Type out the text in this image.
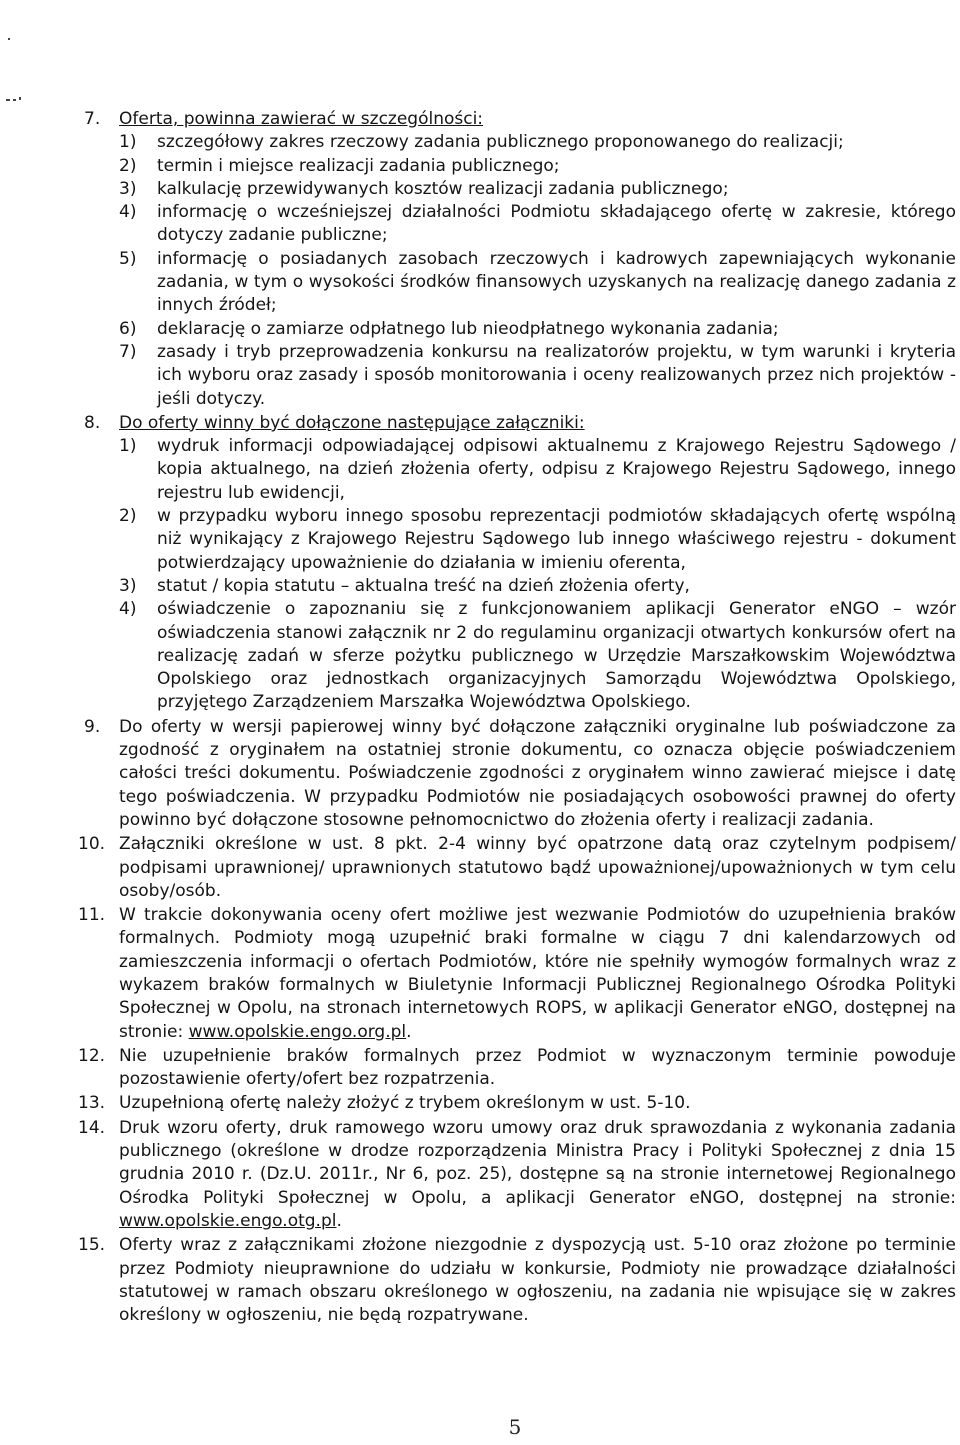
7. Oferta, powinna zawierać w szczególności:
1) szczegółowy zakres rzeczowy zadania publicznego proponowanego do realizacji;
2) termin i miejsce realizacji zadania publicznego;
3) kalkulację przewidywanych kosztów realizacji zadania publicznego;
4) informację o wcześniejszej działalności Podmiotu składającego ofertę w zakresie, którego dotyczy zadanie publiczne;
5) informację o posiadanych zasobach rzeczowych i kadrowych zapewniających wykonanie zadania, w tym o wysokości środków finansowych uzyskanych na realizację danego zadania z innych źródeł;
6) deklarację o zamiarze odpłatnego lub nieodpłatnego wykonania zadania;
7) zasady i tryb przeprowadzenia konkursu na realizatorów projektu, w tym warunki i kryteria ich wyboru oraz zasady i sposób monitorowania i oceny realizowanych przez nich projektów - jeśli dotyczy.
8. Do oferty winny być dołączone następujące załączniki:
1) wydruk informacji odpowiadającej odpisowi aktualnemu z Krajowego Rejestru Sądowego / kopia aktualnego, na dzień złożenia oferty, odpisu z Krajowego Rejestru Sądowego, innego rejestru lub ewidencji,
2) w przypadku wyboru innego sposobu reprezentacji podmiotów składających ofertę wspólną niż wynikający z Krajowego Rejestru Sądowego lub innego właściwego rejestru - dokument potwierdzający upoważnienie do działania w imieniu oferenta,
3) statut / kopia statutu – aktualna treść na dzień złożenia oferty,
4) oświadczenie o zapoznaniu się z funkcjonowaniem aplikacji Generator eNGO – wzór oświadczenia stanowi załącznik nr 2 do regulaminu organizacji otwartych konkursów ofert na realizację zadań w sferze pożytku publicznego w Urzędzie Marszałkowskim Województwa Opolskiego oraz jednostkach organizacyjnych Samorządu Województwa Opolskiego, przyjętego Zarządzeniem Marszałka Województwa Opolskiego.
9. Do oferty w wersji papierowej winny być dołączone załączniki oryginalne lub poświadczone za zgodność z oryginałem na ostatniej stronie dokumentu, co oznacza objęcie poświadczeniem całości treści dokumentu. Poświadczenie zgodności z oryginałem winno zawierać miejsce i datę tego poświadczenia. W przypadku Podmiotów nie posiadających osobowości prawnej do oferty powinno być dołączone stosowne pełnomocnictwo do złożenia oferty i realizacji zadania.
10. Załączniki określone w ust. 8 pkt. 2-4 winny być opatrzone datą oraz czytelnym podpisem/ podpisami uprawnionej/ uprawnionych statutowo bądź upoważnionej/upoważnionych w tym celu osoby/osób.
11. W trakcie dokonywania oceny ofert możliwe jest wezwanie Podmiotów do uzupełnienia braków formalnych. Podmioty mogą uzupełnić braki formalne w ciągu 7 dni kalendarzowych od zamieszczenia informacji o ofertach Podmiotów, które nie spełniły wymogów formalnych wraz z wykazem braków formalnych w Biuletynie Informacji Publicznej Regionalnego Ośrodka Polityki Społecznej w Opolu, na stronach internetowych ROPS, w aplikacji Generator eNGO, dostępnej na stronie: www.opolskie.engo.org.pl.
12. Nie uzupełnienie braków formalnych przez Podmiot w wyznaczonym terminie powoduje pozostawienie oferty/ofert bez rozpatrzenia.
13. Uzupełnioną ofertę należy złożyć z trybem określonym w ust. 5-10.
14. Druk wzoru oferty, druk ramowego wzoru umowy oraz druk sprawozdania z wykonania zadania publicznego (określone w drodze rozporządzenia Ministra Pracy i Polityki Społecznej z dnia 15 grudnia 2010 r. (Dz.U. 2011r., Nr 6, poz. 25), dostępne są na stronie internetowej Regionalnego Ośrodka Polityki Społecznej w Opolu, a aplikacji Generator eNGO, dostępnej na stronie: www.opolskie.engo.otg.pl.
15. Oferty wraz z załącznikami złożone niezgodnie z dyspozycją ust. 5-10 oraz złożone po terminie przez Podmioty nieuprawnione do udziału w konkursie, Podmioty nie prowadzące działalności statutowej w ramach obszaru określonego w ogłoszeniu, na zadania nie wpisujące się w zakres określony w ogłoszeniu, nie będą rozpatrywane.
5
